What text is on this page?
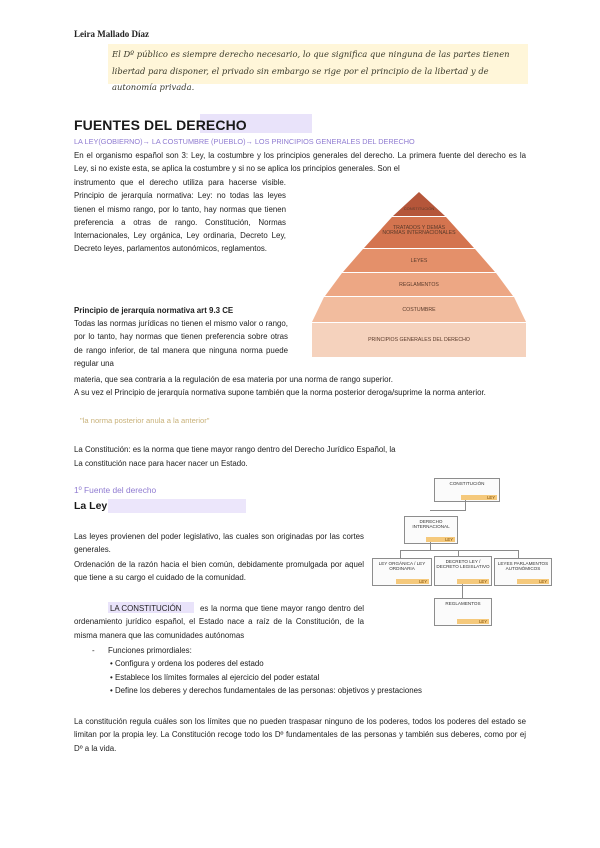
Leira Mallado Díaz
El Dº público es siempre derecho necesario, lo que significa que ninguna de las partes tienen libertad para disponer, el privado sin embargo se rige por el principio de la libertad y de autonomía privada.
FUENTES DEL DERECHO
LA LEY(GOBIERNO)→ LA COSTUMBRE (PUEBLO)→ LOS PRINCIPIOS GENERALES DEL DERECHO
En el organismo español son 3: Ley, la costumbre y los principios generales del derecho. La primera fuente del derecho es la Ley, si no existe esta, se aplica la costumbre y si no se aplica los principios generales. Son el
instrumento que el derecho utiliza para hacerse visible. Principio de jerarquía normativa: Ley: no todas las leyes tienen el mismo rango, por lo tanto, hay normas que tienen preferencia a otras de rango. Constitución, Normas Internacionales, Ley orgánica, Ley ordinaria, Decreto Ley, Decreto leyes, parlamentos autonómicos, reglamentos.
Principio de jerarquía normativa art 9.3 CE
Todas las normas jurídicas no tienen el mismo valor o rango, por lo tanto, hay normas que tienen preferencia sobre otras de rango inferior, de tal manera que ninguna norma puede regular una
materia, que sea contraria a la regulación de esa materia por una norma de rango superior.
A su vez el Principio de jerarquía normativa supone también que la norma posterior deroga/suprime la norma anterior.
"la norma posterior anula a la anterior"
CONSTITUCIÓN
TRATADOS Y DEMÁS NORMAS INTERNACIONALES
LEYES
REGLAMENTOS
COSTUMBRE
PRINCIPIOS GENERALES DEL DERECHO
La Constitución: es la norma que tiene mayor rango dentro del Derecho Jurídico Español, la
La constitución nace para hacer nacer un Estado.
1º Fuente del derecho
La Ley
Las leyes provienen del poder legislativo, las cuales son originadas por las cortes generales.
Ordenación de la razón hacia el bien común, debidamente promulgada por aquel que tiene a su cargo el cuidado de la comunidad.
CONSTITUCIÓN
LEY
DERECHO INTERNACIONAL
LEY
LEY ORGÁNICA / LEY ORDINARIA
LEY
DECRETO LEY / DECRETO LEGISLATIVO
LEY
LEYES PARLAMENTOS AUTONÓMICOS
LEY
REGLAMENTOS
LEY
LA CONSTITUCIÓN	es la norma que tiene mayor rango dentro del ordenamiento jurídico español, el Estado nace a raíz de la Constitución, de la misma manera que las comunidades autónomas
Funciones primordiales:
-
• Configura y ordena los poderes del estado
• Establece los límites formales al ejercicio del poder estatal
• Define los deberes y derechos fundamentales de las personas: objetivos y prestaciones
La constitución regula cuáles son los límites que no pueden traspasar ninguno de los poderes, todos los poderes del estado se limitan por la propia ley. La Constitución recoge todo los Dº fundamentales de las personas y también sus deberes, como por ej Dº a la vida.
